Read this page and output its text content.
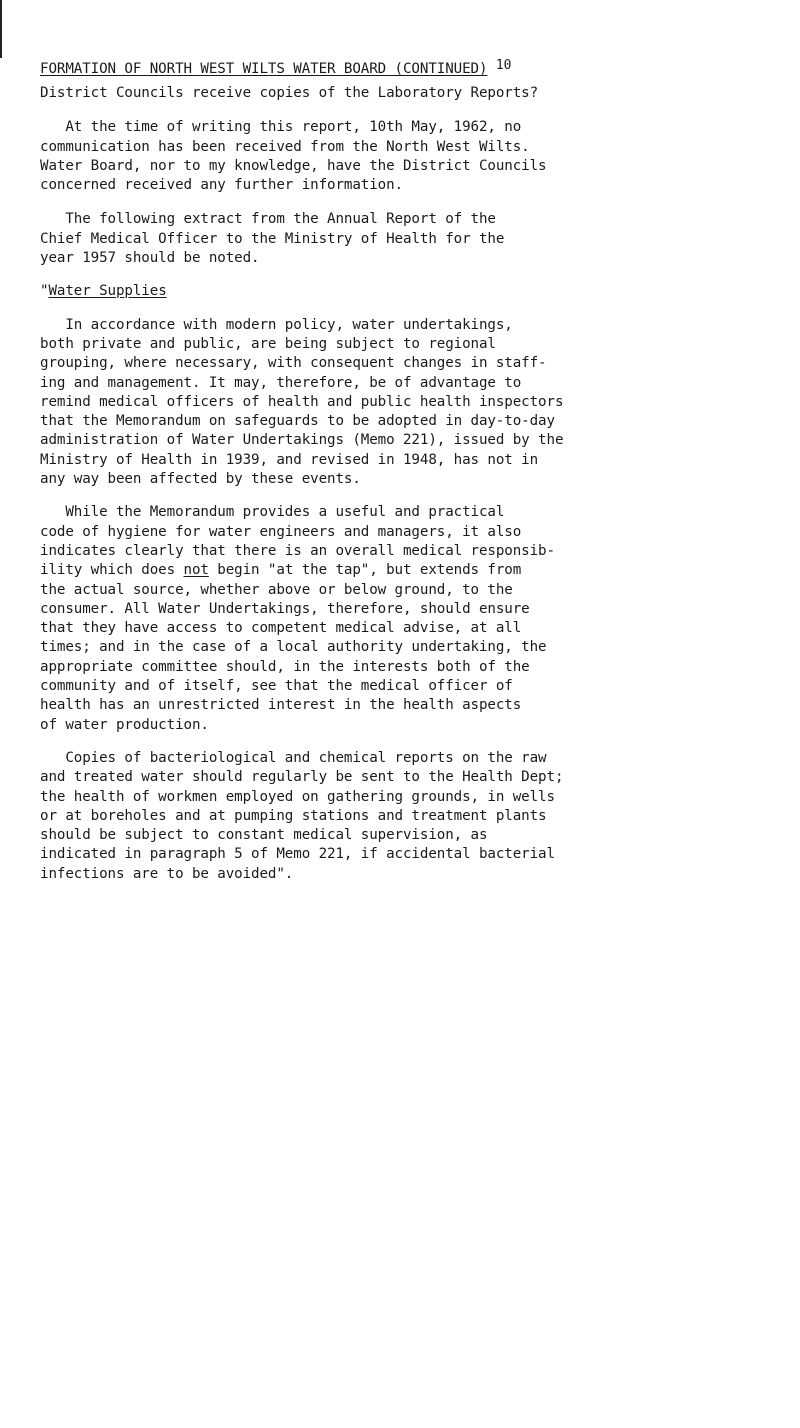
FORMATION OF NORTH WEST WILTS WATER BOARD (CONTINUED) 10

District Councils receive copies of the Laboratory Reports?

At the time of writing this report, 10th May, 1962, no
communication has been received from the North West Wilts.
Water Board, nor to my knowledge, have the District Councils
concerned received any further information.

The following extract from the Annual Report of the
Chief Medical Officer to the Ministry of Health for the
year 1957 should be noted.

"Water Supplies

In accordance with modern policy, water undertakings,
both private and public, are being subject to regional
grouping, where necessary, with consequent changes in staff-
ing and management. It may, therefore, be of advantage to
remind medical officers of health and public health inspectors
that the Memorandum on safeguards to be adopted in day-to-day
administration of Water Undertakings (Memo 221), issued by the
Ministry of Health in 1939, and revised in 1948, has not in
any way been affected by these events.

While the Memorandum provides a useful and practical
code of hygiene for water engineers and managers, it also
indicates clearly that there is an overall medical responsib-
ility which does not begin "at the tap", but extends from
the actual source, whether above or below ground, to the
consumer. All Water Undertakings, therefore, should ensure
that they have access to competent medical advise, at all
times; and in the case of a local authority undertaking, the
appropriate committee should, in the interests both of the
community and of itself, see that the medical officer of
health has an unrestricted interest in the health aspects
of water production.

Copies of bacteriological and chemical reports on the raw
and treated water should regularly be sent to the Health Dept;
the health of workmen employed on gathering grounds, in wells
or at boreholes and at pumping stations and treatment plants
should be subject to constant medical supervision, as
indicated in paragraph 5 of Memo 221, if accidental bacterial
infections are to be avoided".
